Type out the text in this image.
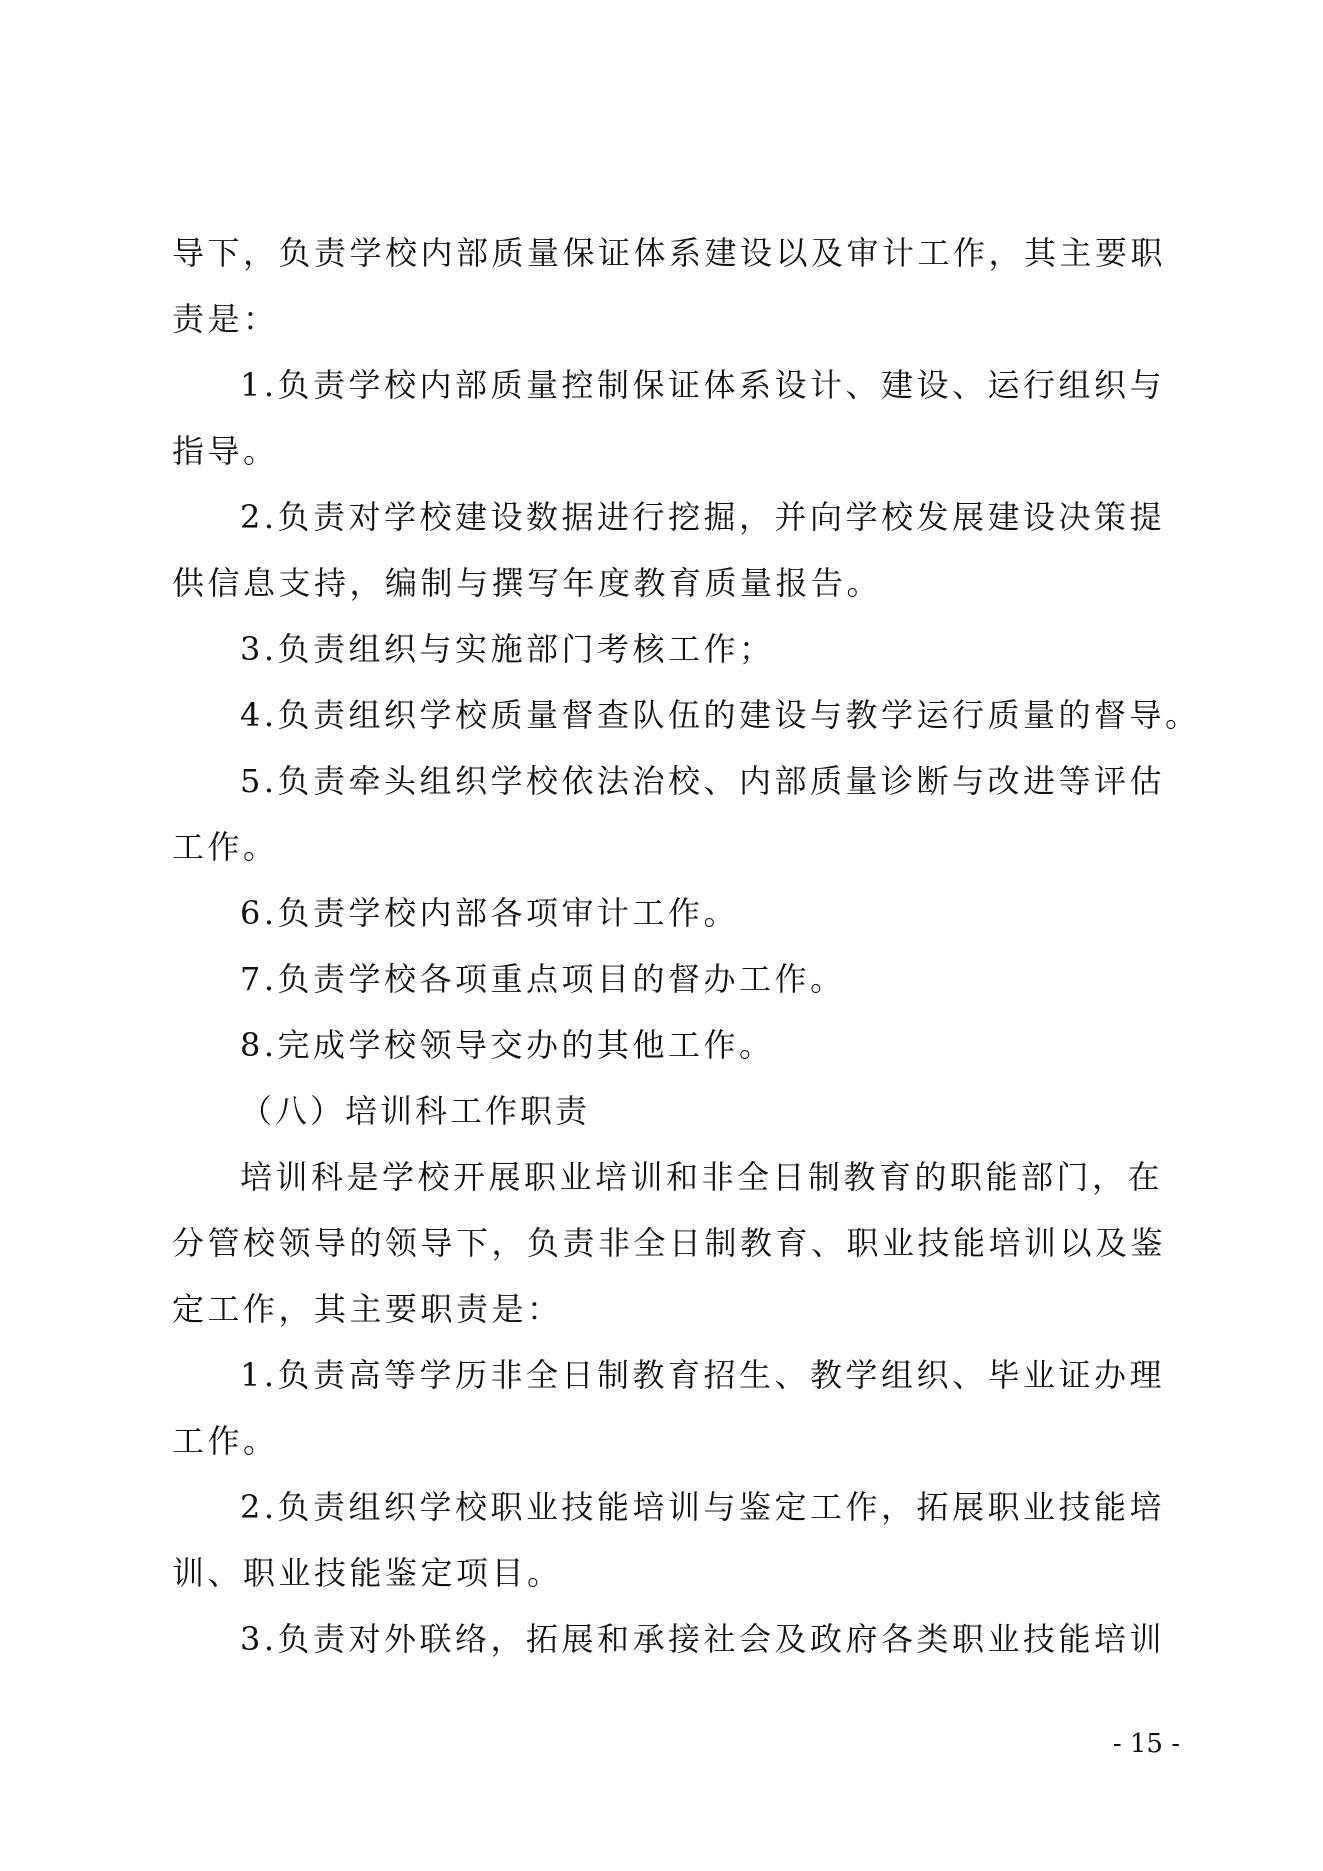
导下，负责学校内部质量保证体系建设以及审计工作，其主要职
责是：
1.负责学校内部质量控制保证体系设计、建设、运行组织与
指导。
2.负责对学校建设数据进行挖掘，并向学校发展建设决策提
供信息支持，编制与撰写年度教育质量报告。
3.负责组织与实施部门考核工作；
4.负责组织学校质量督查队伍的建设与教学运行质量的督导。
5.负责牵头组织学校依法治校、内部质量诊断与改进等评估
工作。
6.负责学校内部各项审计工作。
7.负责学校各项重点项目的督办工作。
8.完成学校领导交办的其他工作。
（八）培训科工作职责
培训科是学校开展职业培训和非全日制教育的职能部门，在
分管校领导的领导下，负责非全日制教育、职业技能培训以及鉴
定工作，其主要职责是：
1.负责高等学历非全日制教育招生、教学组织、毕业证办理
工作。
2.负责组织学校职业技能培训与鉴定工作，拓展职业技能培
训、职业技能鉴定项目。
3.负责对外联络，拓展和承接社会及政府各类职业技能培训
- 15 -
